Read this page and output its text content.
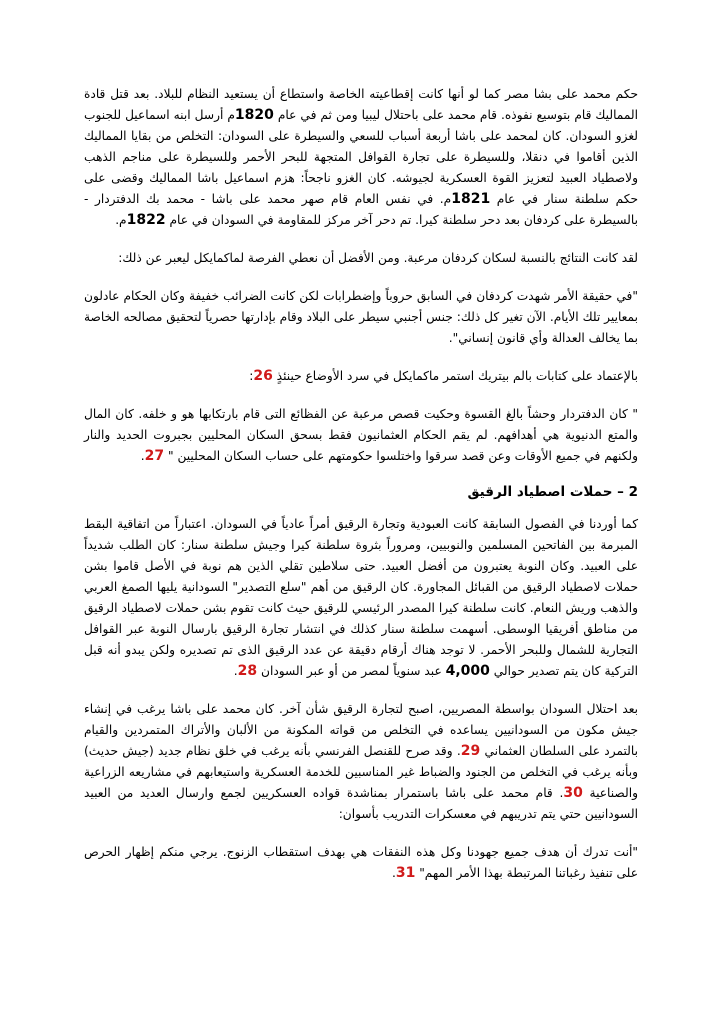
حكم محمد على بشا مصر كما لو أنها كانت إقطاعيته الخاصة واستطاع أن يستعيد النظام للبلاد. بعد قتل قادة المماليك قام بتوسيع نفوذه. قام محمد على باحتلال ليبيا ومن ثم في عام 1820م أرسل ابنه اسماعيل للجنوب لغزو السودان. كان لمحمد على باشا أربعة أسباب للسعي والسيطرة على السودان: التخلص من بقايا المماليك الذين أقاموا في دنقلا، وللسيطرة على تجارة القوافل المتجهة للبحر الأحمر وللسيطرة على مناجم الذهب ولاصطياد العبيد لتعزيز القوة العسكرية لجيوشه. كان الغزو ناجحاً: هزم اسماعيل باشا المماليك وقضى على حكم سلطنة سنار في عام 1821م. في نفس العام قام صهر محمد على باشا - محمد بك الدفتردار - بالسيطرة على كردفان بعد دحر سلطنة كيرا. تم دحر آخر مركز للمقاومة في السودان في عام 1822م.

لقد كانت النتائج بالنسبة لسكان كردفان مرعبة. ومن الأفضل أن نعطي الفرصة لماكمايكل ليعبر عن ذلك:

"في حقيقة الأمر شهدت كردفان في السابق حروباً وإضطرابات لكن كانت الضرائب خفيفة وكان الحكام عادلون بمعايير تلك الأيام. الآن تغير كل ذلك: جنس أجنبي سيطر على البلاد وقام بإدارتها حصرياً لتحقيق مصالحه الخاصة بما يخالف العدالة وأي قانون إنساني".

بالإعتماد على كتابات بالم بيتريك استمر ماكمايكل في سرد الأوضاع حينئذٍ 26:

" كان الدفتردار وحشاً بالغ القسوة وحكيت قصص مرعبة عن الفظائع التى قام بارتكابها هو و خلفه. كان المال والمتع الدنيوية هي أهدافهم. لم يقم الحكام العثمانيون فقط بسحق السكان المحليين بجبروت الحديد والنار ولكنهم في جميع الأوقات وعن قصد سرقوا واختلسوا حكومتهم على حساب السكان المحليين " 27.

2 – حملات اصطياد الرقيق

كما أوردنا في الفصول السابقة كانت العبودية وتجارة الرقيق أمراً عادياً في السودان. اعتباراً من اتفاقية البقط المبرمة بين الفاتحين المسلمين والنوبيين، ومروراً بثروة سلطنة كيرا وجيش سلطنة سنار: كان الطلب شديداً على العبيد. وكان النوبة يعتبرون من أفضل العبيد. حتى سلاطين تقلي الذين هم نوبة في الأصل قاموا بشن حملات لاصطياد الرقيق من القبائل المجاورة. كان الرقيق من أهم "سلع التصدير" السودانية يليها الصمغ العربي والذهب وريش النعام. كانت سلطنة كيرا المصدر الرئيسي للرقيق حيث كانت تقوم بشن حملات لاصطياد الرقيق من مناطق أفريقيا الوسطى. أسهمت سلطنة سنار كذلك في انتشار تجارة الرقيق بارسال النوبة عبر القوافل التجارية للشمال وللبحر الأحمر. لا توجد هناك أرقام دقيقة عن عدد الرقيق الذى تم تصديره ولكن يبدو أنه قبل التركية كان يتم تصدير حوالي 4,000 عبد سنوياً لمصر من أو عبر السودان 28.

بعد احتلال السودان بواسطة المصريين، اصبح لتجارة الرقيق شأن آخر. كان محمد على باشا يرغب في إنشاء جيش مكون من السودانيين يساعده في التخلص من قواته المكونة من الألبان والأتراك المتمردين والقيام بالتمرد على السلطان العثماني 29. وقد صرح للقنصل الفرنسي بأنه يرغب في خلق نظام جديد (جيش حديث) وبأنه يرغب في التخلص من الجنود والضباط غير المناسبين للخدمة العسكرية واستيعابهم في مشاريعه الزراعية والصناعية 30. قام محمد على باشا باستمرار بمناشدة قواده العسكريين لجمع وارسال العديد من العبيد السودانيين حتي يتم تدريبهم في معسكرات التدريب بأسوان:

"أنت تدرك أن هدف جميع جهودنا وكل هذه النفقات هي بهدف استقطاب الزنوج. يرجي منكم إظهار الحرص على تنفيذ رغباتنا المرتبطة بهذا الأمر المهم" 31.
